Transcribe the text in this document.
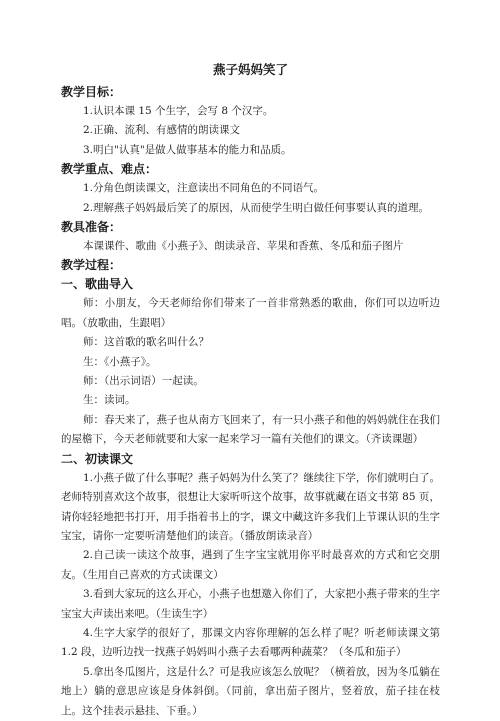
燕子妈妈笑了
教学目标：
1.认识本课 15 个生字，会写 8 个汉字。
2.正确、流利、有感情的朗读课文
3.明白"认真"是做人做事基本的能力和品质。
教学重点、难点：
1.分角色朗读课文，注意读出不同角色的不同语气。
2.理解燕子妈妈最后笑了的原因，从而使学生明白做任何事要认真的道理。
教具准备：
本课课件、歌曲《小燕子》、朗读录音、苹果和香蕉、冬瓜和茄子图片
教学过程：
一、歌曲导入

师：小朋友，今天老师给你们带来了一首非常熟悉的歌曲，你们可以边听边唱。（放歌曲，生跟唱）

师：这首歌的歌名叫什么？

生：《小燕子》。

师：（出示词语）一起读。

生：读词。

师：春天来了，燕子也从南方飞回来了，有一只小燕子和他的妈妈就住在我们的屋檐下，今天老师就要和大家一起来学习一篇有关他们的课文。（齐读课题）

二、初读课文

1.小燕子做了什么事呢？燕子妈妈为什么笑了？继续往下学，你们就明白了。老师特别喜欢这个故事，很想让大家听听这个故事，故事就藏在语文书第 85 页，请你轻轻地把书打开，用手指着书上的字，课文中藏这许多我们上节课认识的生字宝宝，请你一定要听清楚他们的读音。（播放朗读录音）

2.自己读一读这个故事，遇到了生字宝宝就用你平时最喜欢的方式和它交朋友。（生用自己喜欢的方式读课文）

3.看到大家玩的这么开心，小燕子也想邀入你们了，大家把小燕子带来的生字宝宝大声读出来吧。（生读生字）

4.生字大家学的很好了，那课文内容你理解的怎么样了呢？听老师读课文第 1.2 段，边听边找一找燕子妈妈叫小燕子去看哪两种蔬菜？（冬瓜和茄子）

5.拿出冬瓜图片，这是什么？可是我应该怎么放呢？（横着放，因为冬瓜躺在地上）躺的意思应该是身体斜倒。（同前，拿出茄子图片，竖着放，茄子挂在枝上。这个挂表示悬挂、下垂。）
